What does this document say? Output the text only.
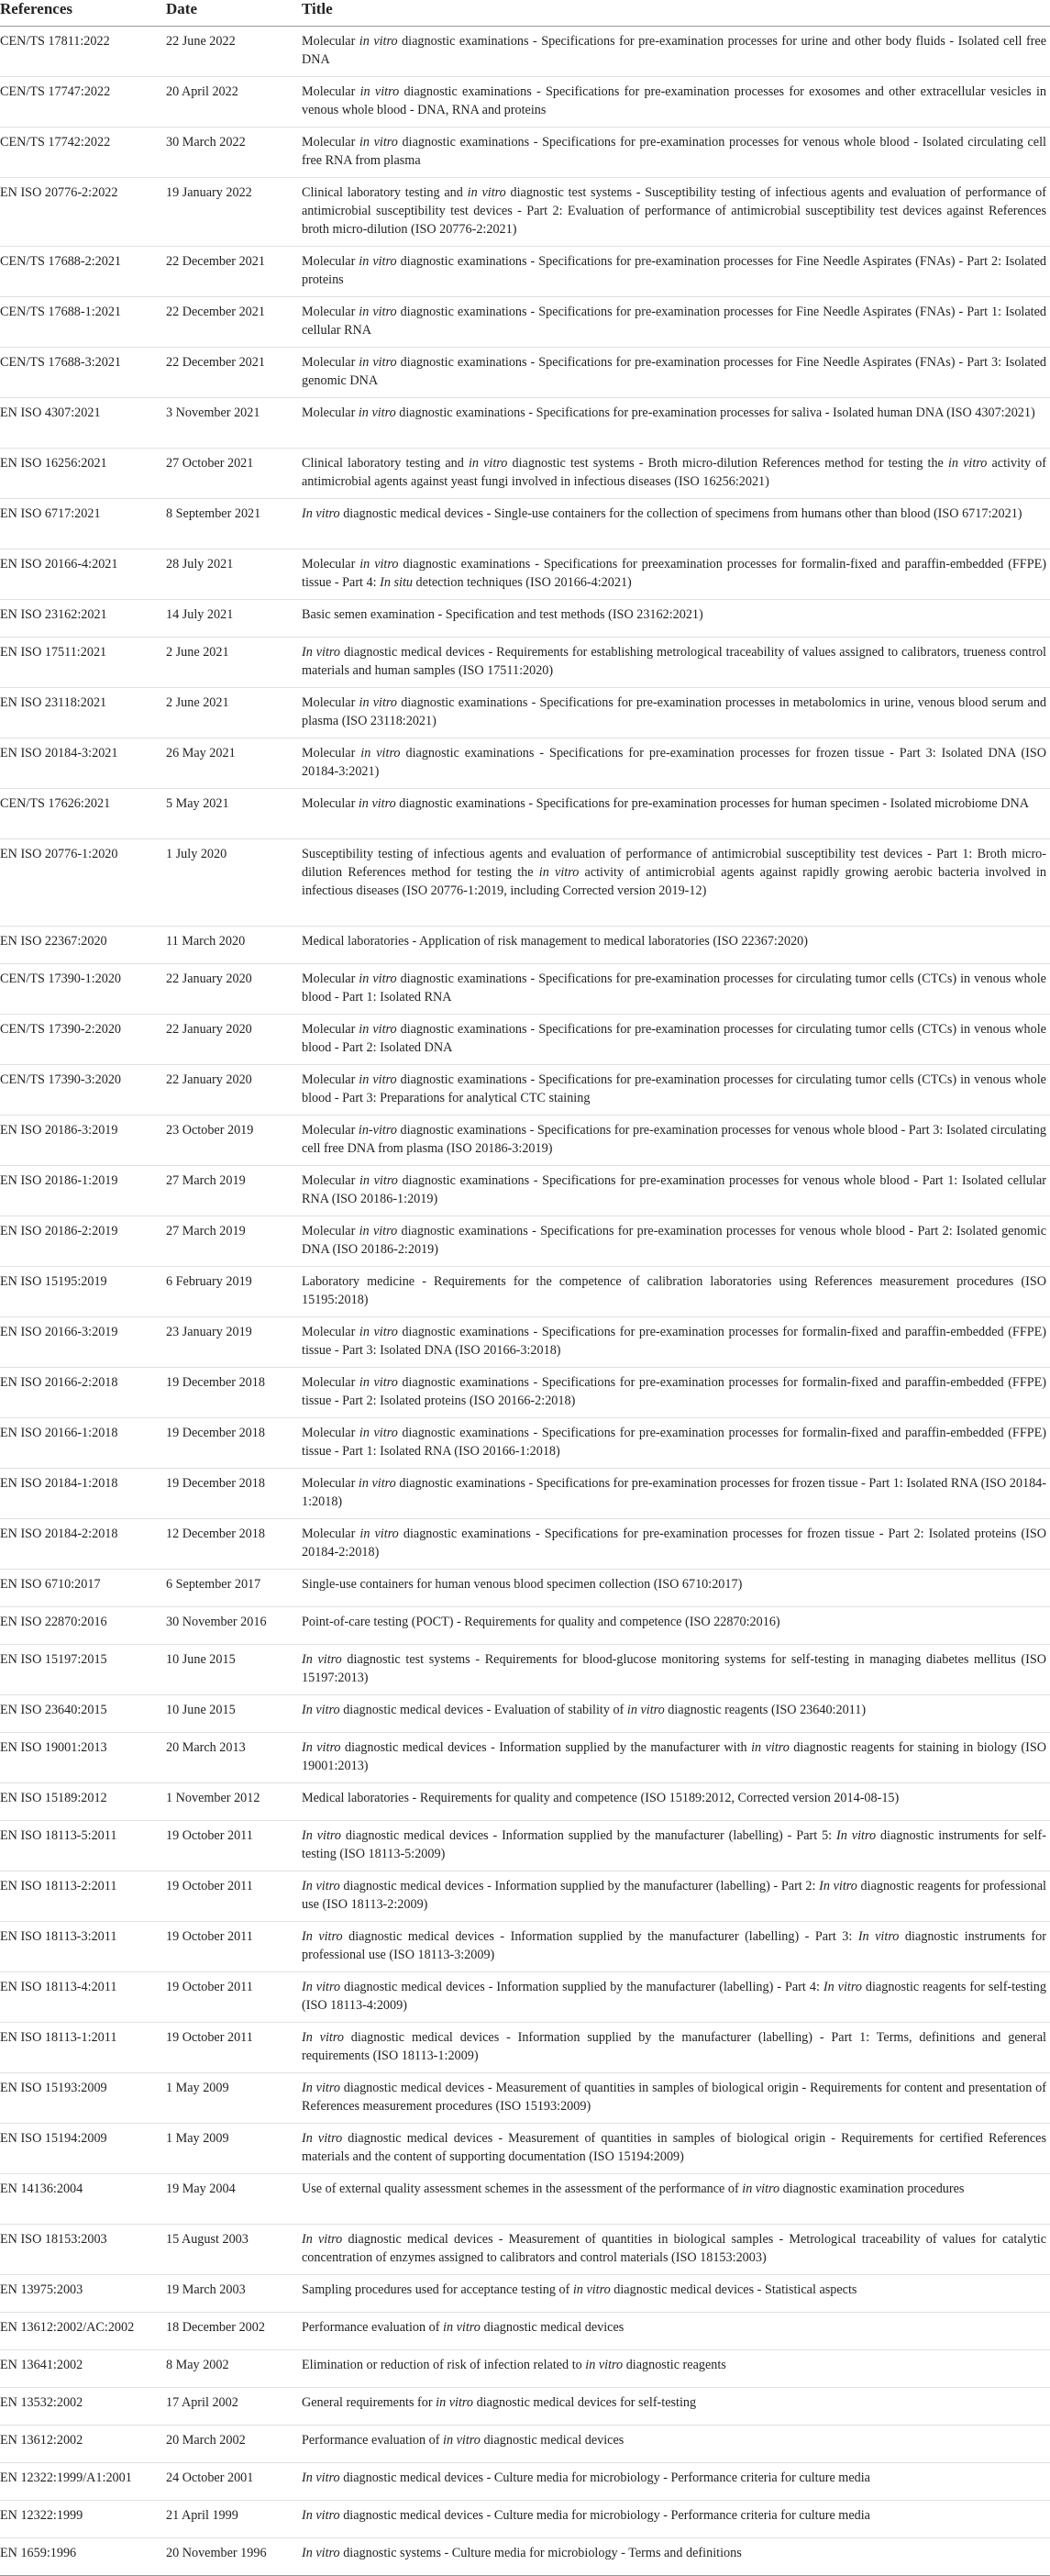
References	Date	Title
CEN/TS 17811:2022	22 June 2022	Molecular in vitro diagnostic examinations - Specifications for pre-examination processes for urine and other body fluids - Isolated cell free DNA
CEN/TS 17747:2022	20 April 2022	Molecular in vitro diagnostic examinations - Specifications for pre-examination processes for exosomes and other extracellular vesicles in venous whole blood - DNA, RNA and proteins
CEN/TS 17742:2022	30 March 2022	Molecular in vitro diagnostic examinations - Specifications for pre-examination processes for venous whole blood - Isolated circulating cell free RNA from plasma
EN ISO 20776-2:2022	19 January 2022	Clinical laboratory testing and in vitro diagnostic test systems - Susceptibility testing of infectious agents and evaluation of performance of antimicrobial susceptibility test devices - Part 2: Evaluation of performance of antimicrobial susceptibility test devices against References broth micro-dilution (ISO 20776-2:2021)
CEN/TS 17688-2:2021	22 December 2021	Molecular in vitro diagnostic examinations - Specifications for pre-examination processes for Fine Needle Aspirates (FNAs) - Part 2: Isolated proteins
CEN/TS 17688-1:2021	22 December 2021	Molecular in vitro diagnostic examinations - Specifications for pre-examination processes for Fine Needle Aspirates (FNAs) - Part 1: Isolated cellular RNA
CEN/TS 17688-3:2021	22 December 2021	Molecular in vitro diagnostic examinations - Specifications for pre-examination processes for Fine Needle Aspirates (FNAs) - Part 3: Isolated genomic DNA
EN ISO 4307:2021	3 November 2021	Molecular in vitro diagnostic examinations - Specifications for pre-examination processes for saliva - Isolated human DNA (ISO 4307:2021)
EN ISO 16256:2021	27 October 2021	Clinical laboratory testing and in vitro diagnostic test systems - Broth micro-dilution References method for testing the in vitro activity of antimicrobial agents against yeast fungi involved in infectious diseases (ISO 16256:2021)
EN ISO 6717:2021	8 September 2021	In vitro diagnostic medical devices - Single-use containers for the collection of specimens from humans other than blood (ISO 6717:2021)
EN ISO 20166-4:2021	28 July 2021	Molecular in vitro diagnostic examinations - Specifications for preexamination processes for formalin-fixed and paraffin-embedded (FFPE) tissue - Part 4: In situ detection techniques (ISO 20166-4:2021)
EN ISO 23162:2021	14 July 2021	Basic semen examination - Specification and test methods (ISO 23162:2021)
EN ISO 17511:2021	2 June 2021	In vitro diagnostic medical devices - Requirements for establishing metrological traceability of values assigned to calibrators, trueness control materials and human samples (ISO 17511:2020)
EN ISO 23118:2021	2 June 2021	Molecular in vitro diagnostic examinations - Specifications for pre-examination processes in metabolomics in urine, venous blood serum and plasma (ISO 23118:2021)
EN ISO 20184-3:2021	26 May 2021	Molecular in vitro diagnostic examinations - Specifications for pre-examination processes for frozen tissue - Part 3: Isolated DNA (ISO 20184-3:2021)
CEN/TS 17626:2021	5 May 2021	Molecular in vitro diagnostic examinations - Specifications for pre-examination processes for human specimen - Isolated microbiome DNA
EN ISO 20776-1:2020	1 July 2020	Susceptibility testing of infectious agents and evaluation of performance of antimicrobial susceptibility test devices - Part 1: Broth micro-dilution References method for testing the in vitro activity of antimicrobial agents against rapidly growing aerobic bacteria involved in infectious diseases (ISO 20776-1:2019, including Corrected version 2019-12)
EN ISO 22367:2020	11 March 2020	Medical laboratories - Application of risk management to medical laboratories (ISO 22367:2020)
CEN/TS 17390-1:2020	22 January 2020	Molecular in vitro diagnostic examinations - Specifications for pre-examination processes for circulating tumor cells (CTCs) in venous whole blood - Part 1: Isolated RNA
CEN/TS 17390-2:2020	22 January 2020	Molecular in vitro diagnostic examinations - Specifications for pre-examination processes for circulating tumor cells (CTCs) in venous whole blood - Part 2: Isolated DNA
CEN/TS 17390-3:2020	22 January 2020	Molecular in vitro diagnostic examinations - Specifications for pre-examination processes for circulating tumor cells (CTCs) in venous whole blood - Part 3: Preparations for analytical CTC staining
EN ISO 20186-3:2019	23 October 2019	Molecular in-vitro diagnostic examinations - Specifications for pre-examination processes for venous whole blood - Part 3: Isolated circulating cell free DNA from plasma (ISO 20186-3:2019)
EN ISO 20186-1:2019	27 March 2019	Molecular in vitro diagnostic examinations - Specifications for pre-examination processes for venous whole blood - Part 1: Isolated cellular RNA (ISO 20186-1:2019)
EN ISO 20186-2:2019	27 March 2019	Molecular in vitro diagnostic examinations - Specifications for pre-examination processes for venous whole blood - Part 2: Isolated genomic DNA (ISO 20186-2:2019)
EN ISO 15195:2019	6 February 2019	Laboratory medicine - Requirements for the competence of calibration laboratories using References measurement procedures (ISO 15195:2018)
EN ISO 20166-3:2019	23 January 2019	Molecular in vitro diagnostic examinations - Specifications for pre-examination processes for formalin-fixed and paraffin-embedded (FFPE) tissue - Part 3: Isolated DNA (ISO 20166-3:2018)
EN ISO 20166-2:2018	19 December 2018	Molecular in vitro diagnostic examinations - Specifications for pre-examination processes for formalin-fixed and paraffin-embedded (FFPE) tissue - Part 2: Isolated proteins (ISO 20166-2:2018)
EN ISO 20166-1:2018	19 December 2018	Molecular in vitro diagnostic examinations - Specifications for pre-examination processes for formalin-fixed and paraffin-embedded (FFPE) tissue - Part 1: Isolated RNA (ISO 20166-1:2018)
EN ISO 20184-1:2018	19 December 2018	Molecular in vitro diagnostic examinations - Specifications for pre-examination processes for frozen tissue - Part 1: Isolated RNA (ISO 20184-1:2018)
EN ISO 20184-2:2018	12 December 2018	Molecular in vitro diagnostic examinations - Specifications for pre-examination processes for frozen tissue - Part 2: Isolated proteins (ISO 20184-2:2018)
EN ISO 6710:2017	6 September 2017	Single-use containers for human venous blood specimen collection (ISO 6710:2017)
EN ISO 22870:2016	30 November 2016	Point-of-care testing (POCT) - Requirements for quality and competence (ISO 22870:2016)
EN ISO 15197:2015	10 June 2015	In vitro diagnostic test systems - Requirements for blood-glucose monitoring systems for self-testing in managing diabetes mellitus (ISO 15197:2013)
EN ISO 23640:2015	10 June 2015	In vitro diagnostic medical devices - Evaluation of stability of in vitro diagnostic reagents (ISO 23640:2011)
EN ISO 19001:2013	20 March 2013	In vitro diagnostic medical devices - Information supplied by the manufacturer with in vitro diagnostic reagents for staining in biology (ISO 19001:2013)
EN ISO 15189:2012	1 November 2012	Medical laboratories - Requirements for quality and competence (ISO 15189:2012, Corrected version 2014-08-15)
EN ISO 18113-5:2011	19 October 2011	In vitro diagnostic medical devices - Information supplied by the manufacturer (labelling) - Part 5: In vitro diagnostic instruments for self-testing (ISO 18113-5:2009)
EN ISO 18113-2:2011	19 October 2011	In vitro diagnostic medical devices - Information supplied by the manufacturer (labelling) - Part 2: In vitro diagnostic reagents for professional use (ISO 18113-2:2009)
EN ISO 18113-3:2011	19 October 2011	In vitro diagnostic medical devices - Information supplied by the manufacturer (labelling) - Part 3: In vitro diagnostic instruments for professional use (ISO 18113-3:2009)
EN ISO 18113-4:2011	19 October 2011	In vitro diagnostic medical devices - Information supplied by the manufacturer (labelling) - Part 4: In vitro diagnostic reagents for self-testing (ISO 18113-4:2009)
EN ISO 18113-1:2011	19 October 2011	In vitro diagnostic medical devices - Information supplied by the manufacturer (labelling) - Part 1: Terms, definitions and general requirements (ISO 18113-1:2009)
EN ISO 15193:2009	1 May 2009	In vitro diagnostic medical devices - Measurement of quantities in samples of biological origin - Requirements for content and presentation of References measurement procedures (ISO 15193:2009)
EN ISO 15194:2009	1 May 2009	In vitro diagnostic medical devices - Measurement of quantities in samples of biological origin - Requirements for certified References materials and the content of supporting documentation (ISO 15194:2009)
EN 14136:2004	19 May 2004	Use of external quality assessment schemes in the assessment of the performance of in vitro diagnostic examination procedures
EN ISO 18153:2003	15 August 2003	In vitro diagnostic medical devices - Measurement of quantities in biological samples - Metrological traceability of values for catalytic concentration of enzymes assigned to calibrators and control materials (ISO 18153:2003)
EN 13975:2003	19 March 2003	Sampling procedures used for acceptance testing of in vitro diagnostic medical devices - Statistical aspects
EN 13612:2002/AC:2002	18 December 2002	Performance evaluation of in vitro diagnostic medical devices
EN 13641:2002	8 May 2002	Elimination or reduction of risk of infection related to in vitro diagnostic reagents
EN 13532:2002	17 April 2002	General requirements for in vitro diagnostic medical devices for self-testing
EN 13612:2002	20 March 2002	Performance evaluation of in vitro diagnostic medical devices
EN 12322:1999/A1:2001	24 October 2001	In vitro diagnostic medical devices - Culture media for microbiology - Performance criteria for culture media
EN 12322:1999	21 April 1999	In vitro diagnostic medical devices - Culture media for microbiology - Performance criteria for culture media
EN 1659:1996	20 November 1996	In vitro diagnostic systems - Culture media for microbiology - Terms and definitions
